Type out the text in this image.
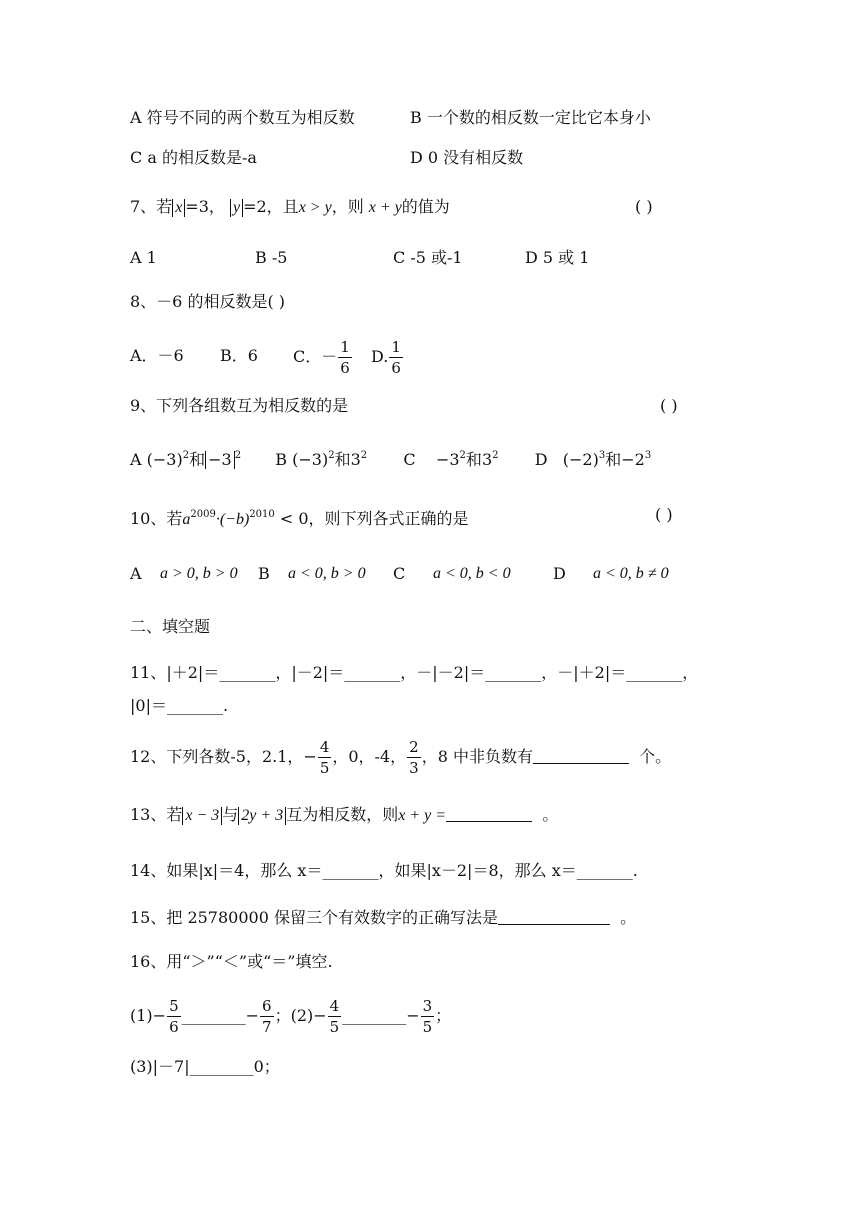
A 符号不同的两个数互为相反数	B 一个数的相反数一定比它本身小
C a 的相反数是-a	D 0 没有相反数
7、若 x =3， y =2，且x > y，则 x + y的值为	( )
A 1	B -5	C -5 或-1	D 5 或 1
8、－6 的相反数是( )
A．－6 B．6 C．－ $\frac{1}{6} D$. $\frac{1}{6}$
9、下列各组数互为相反数的是	( )
A $(-3)^2$和 −3 $^2$ B $(-3)^2$和$3^2$ $C -3^2$和$3^2$ D $(-2)^3$和$-2^3$
10、若$a^{2009}\cdot(-b)^{2010} < 0$，则下列各式正确的是	( )
A a > 0, b > 0 B a < 0, b > 0 C a < 0, b < 0	D a < 0, b ≠ 0
二、填空题
11、|＋2|＝_______，|－2|＝_______，－|－2|＝_______，－|＋2|＝_______，
|0|＝_______.
12、下列各数-5，2.1，− $\frac{4}{5}$ ，0，-4， $\frac{2}{3}$ ，8 中非负数有	个。
13、若 x − 3 与 2y + 3 互为相反数，则x + y =	。
14、如果|x|＝4，那么 x＝_______，如果|x－2|＝8，那么 x＝_______.
15、把 25780000 保留三个有效数字的正确写法是	。
16、用“＞”“＜”或“＝”填空.
$(1)- \frac{5}{6}$ ________− $\frac{6}{7}$ ；$(2)- \frac{4}{5}$ ________− $\frac{3}{5}$ ；
(3)|－7|________0；
